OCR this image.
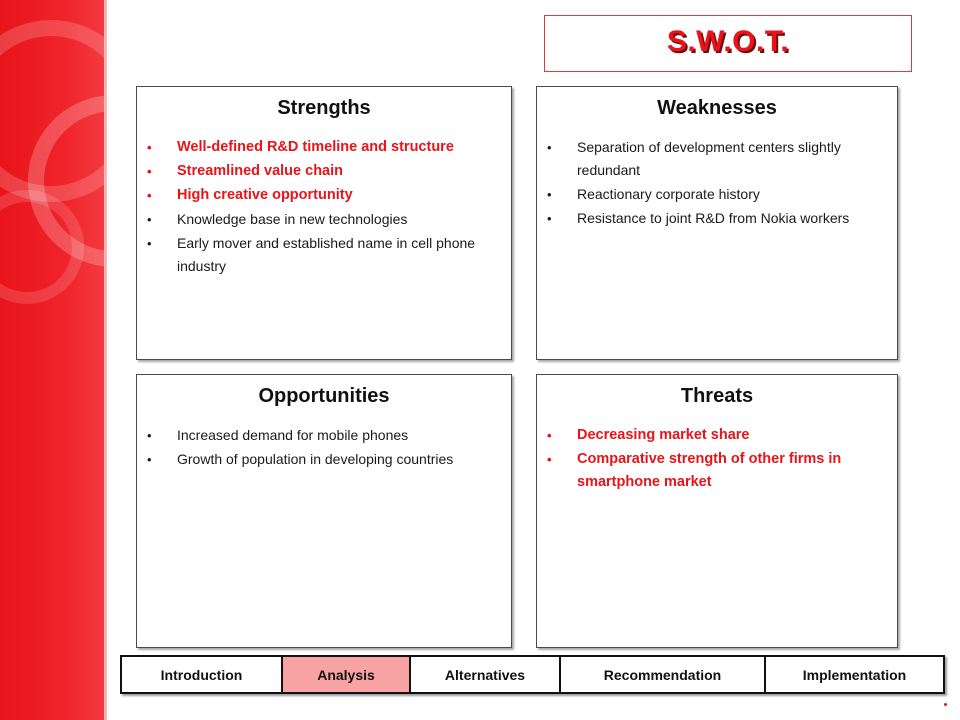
S.W.O.T.
Strengths
• Well-defined R&D timeline and structure
• Streamlined value chain
• High creative opportunity
• Knowledge base in new technologies
• Early mover and established name in cell phone industry
Weaknesses
• Separation of development centers slightly redundant
• Reactionary corporate history
• Resistance to joint R&D from Nokia workers
Opportunities
• Increased demand for mobile phones
• Growth of population in developing countries
Threats
• Decreasing market share
• Comparative strength of other firms in smartphone market
Introduction	Analysis	Alternatives	Recommendation	Implementation
